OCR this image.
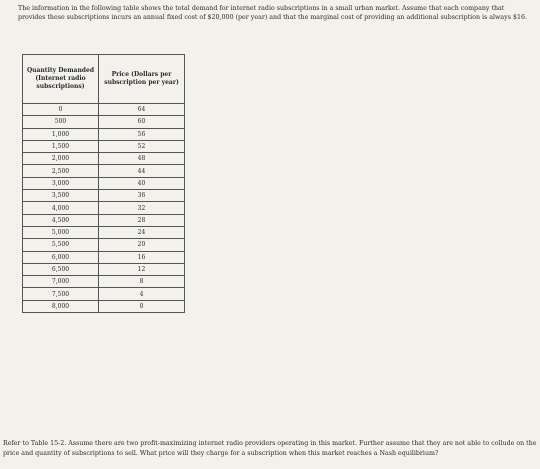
The information in the following table shows the total demand for internet radio subscriptions in a small urban market. Assume that each company that provides these subscriptions incurs an annual fixed cost of $20,000 (per year) and that the marginal cost of providing an additional subscription is always $16.

Quantity Demanded (Internet radio subscriptions)	Price (Dollars per subscription per year)
0	64
500	60
1,000	56
1,500	52
2,000	48
2,500	44
3,000	40
3,500	36
4,000	32
4,500	28
5,000	24
5,500	20
6,000	16
6,500	12
7,000	8
7,500	4
8,000	0

Refer to Table 15-2. Assume there are two profit-maximizing internet radio providers operating in this market. Further assume that they are not able to collude on the price and quantity of subscriptions to sell. What price will they charge for a subscription when this market reaches a Nash equilibrium?
